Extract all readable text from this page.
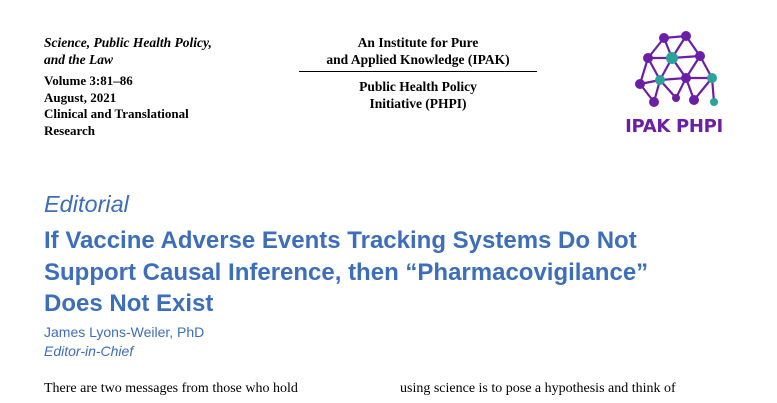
Science, Public Health Policy,
and the Law
Volume 3:81–86
August, 2021
Clinical and Translational
Research
An Institute for Pure
and Applied Knowledge (IPAK)
Public Health Policy
Initiative (PHPI)
IPAK PHPI
Editorial
If Vaccine Adverse Events Tracking Systems Do Not
Support Causal Inference, then “Pharmacovigilance”
Does Not Exist
James Lyons-Weiler, PhD
Editor-in-Chief
There are two messages from those who hold	using science is to pose a hypothesis and think of
